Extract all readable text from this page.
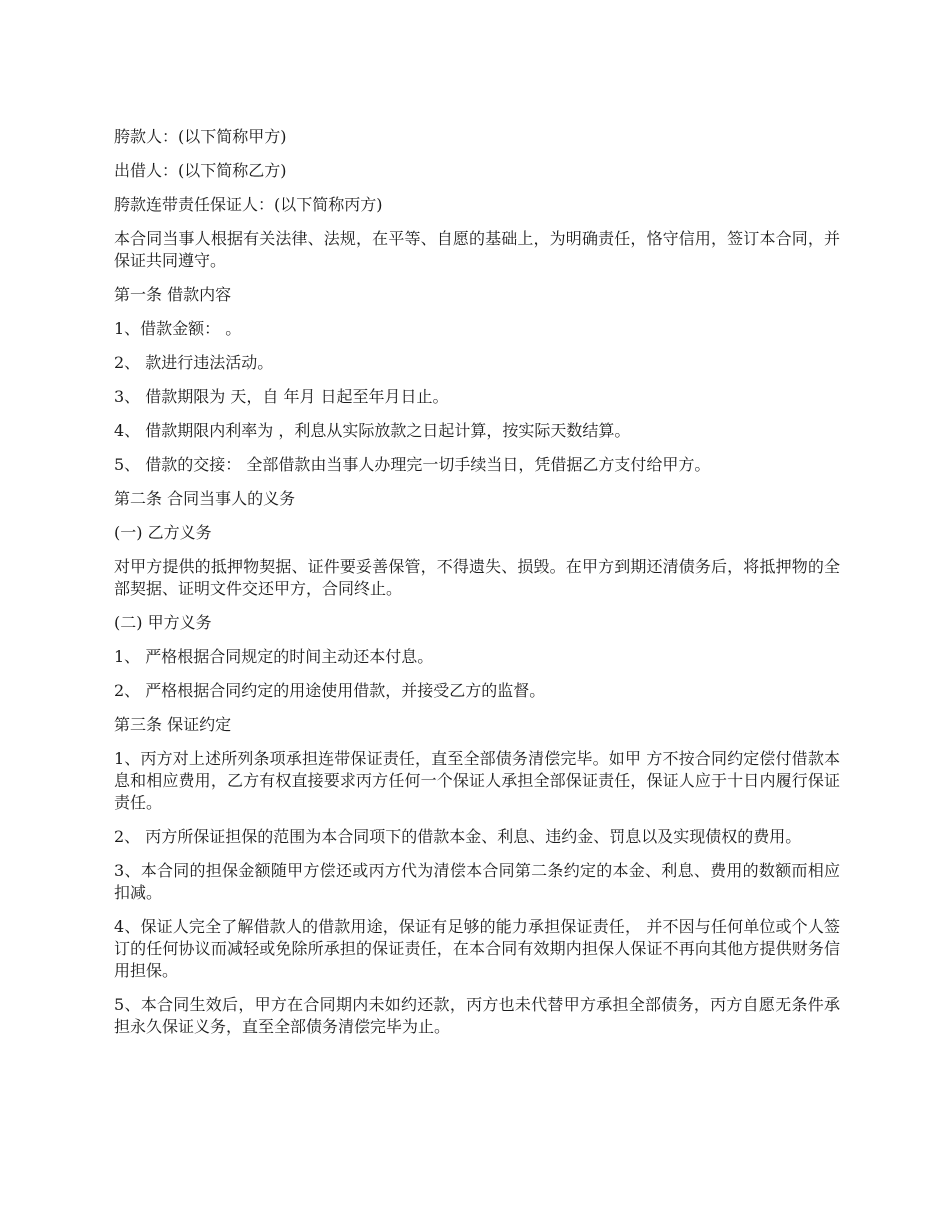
胯款人：(以下简称甲方)

出借人：(以下简称乙方)

胯款连带责任保证人：(以下简称丙方)

本合同当事人根据有关法律、法规，在平等、自愿的基础上，为明确责任，恪守信用，签订本合同，并保证共同遵守。

第一条 借款内容

1、借款金额： 。

2、 款进行违法活动。

3、 借款期限为 天，自 年月 日起至年月日止。

4、 借款期限内利率为 ，利息从实际放款之日起计算，按实际天数结算。

5、 借款的交接： 全部借款由当事人办理完一切手续当日，凭借据乙方支付给甲方。

第二条 合同当事人的义务

(一) 乙方义务

对甲方提供的抵押物契据、证件要妥善保管，不得遗失、损毁。在甲方到期还清债务后，将抵押物的全部契据、证明文件交还甲方，合同终止。

(二) 甲方义务

1、 严格根据合同规定的时间主动还本付息。

2、 严格根据合同约定的用途使用借款，并接受乙方的监督。

第三条 保证约定

1、丙方对上述所列条项承担连带保证责任，直至全部债务清偿完毕。如甲 方不按合同约定偿付借款本息和相应费用，乙方有权直接要求丙方任何一个保证人承担全部保证责任，保证人应于十日内履行保证责任。

2、 丙方所保证担保的范围为本合同项下的借款本金、利息、违约金、罚息以及实现债权的费用。

3、本合同的担保金额随甲方偿还或丙方代为清偿本合同第二条约定的本金、利息、费用的数额而相应扣减。

4、保证人完全了解借款人的借款用途，保证有足够的能力承担保证责任， 并不因与任何单位或个人签订的任何协议而减轻或免除所承担的保证责任，在本合同有效期内担保人保证不再向其他方提供财务信用担保。

5、本合同生效后，甲方在合同期内未如约还款，丙方也未代替甲方承担全部债务，丙方自愿无条件承担永久保证义务，直至全部债务清偿完毕为止。
